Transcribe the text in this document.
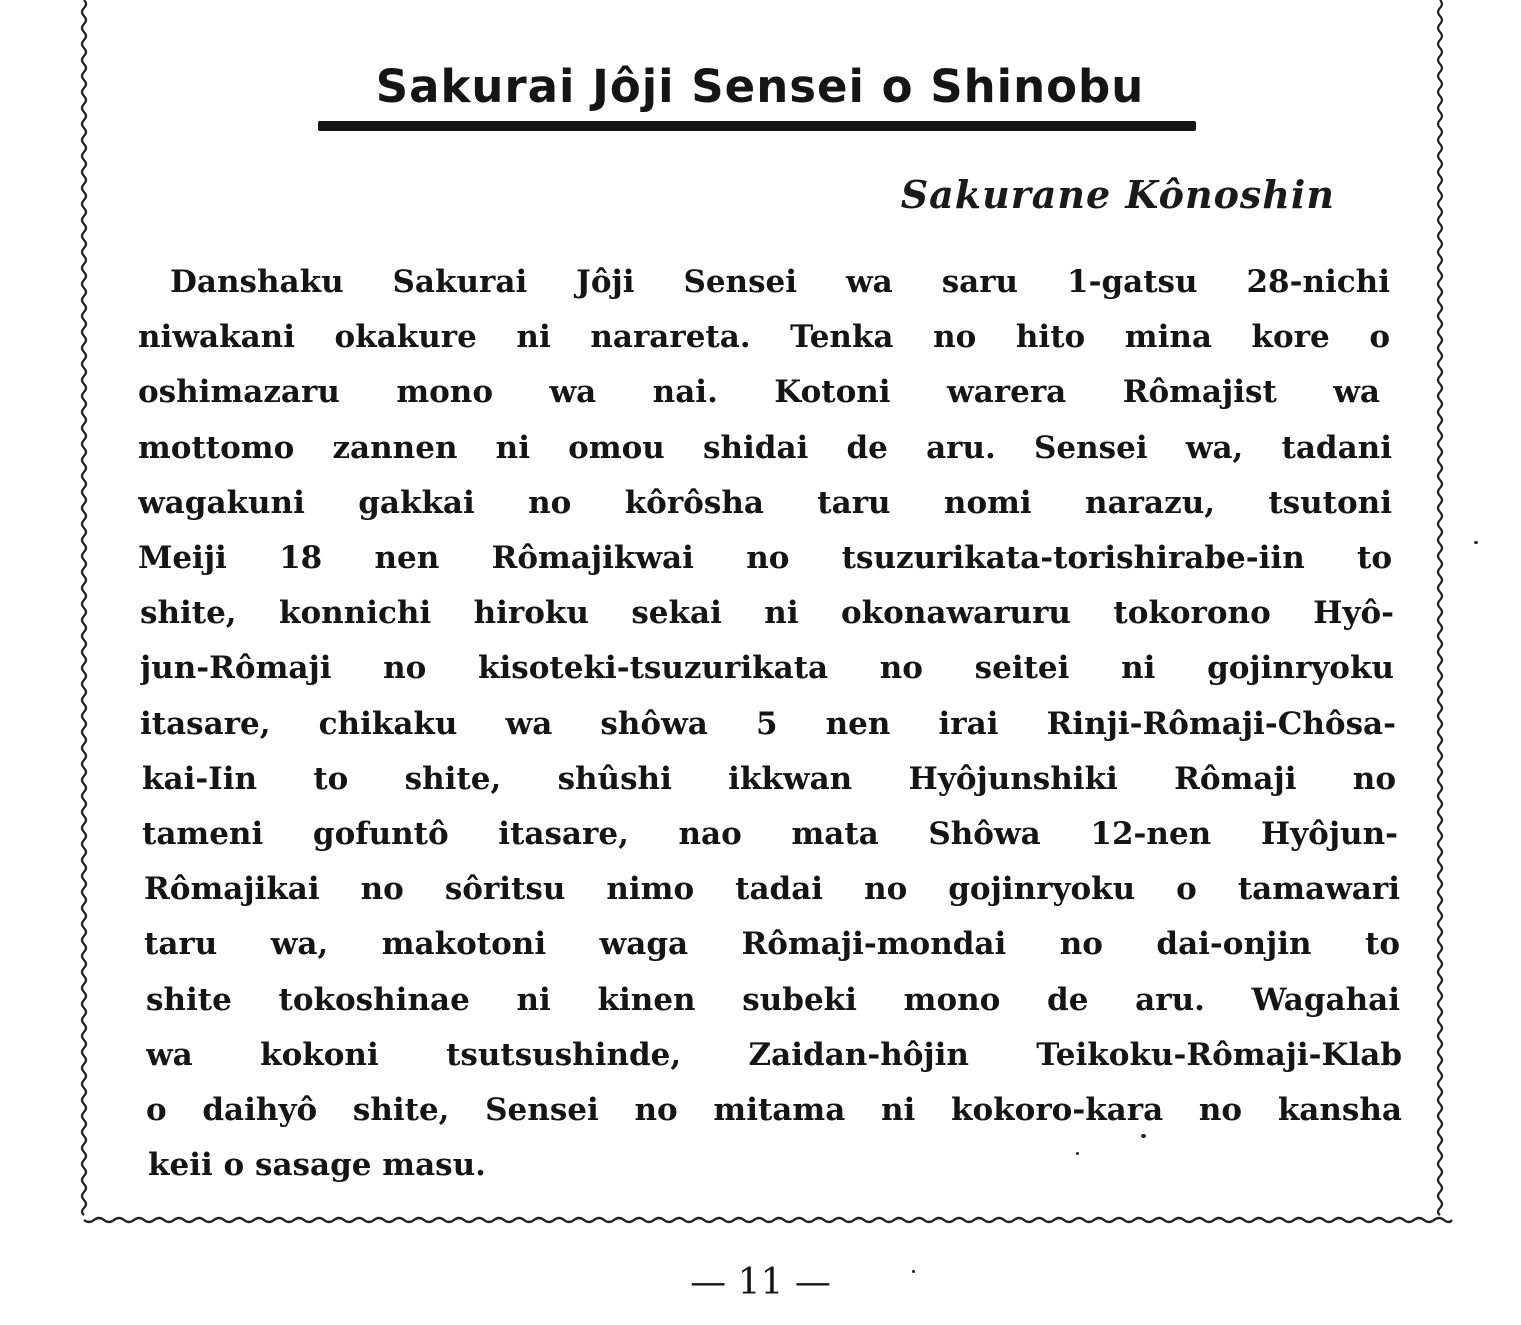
Sakurai Jôji Sensei o Shinobu

Sakurane Kônoshin

Danshaku Sakurai Jôji Sensei wa saru 1-gatsu 28-nichi
niwakani okakure ni narareta. Tenka no hito mina kore o
oshimazaru mono wa nai. Kotoni warera Rômajist wa
mottomo zannen ni omou shidai de aru. Sensei wa, tadani
wagakuni gakkai no kôrôsha taru nomi narazu, tsutoni
Meiji 18 nen Rômajikwai no tsuzurikata-torishirabe-iin to
shite, konnichi hiroku sekai ni okonawaruru tokorono Hyô-
jun-Rômaji no kisoteki-tsuzurikata no seitei ni gojinryoku
itasare, chikaku wa shôwa 5 nen irai Rinji-Rômaji-Chôsa-
kai-Iin to shite, shûshi ikkwan Hyôjunshiki Rômaji no
tameni gofuntô itasare, nao mata Shôwa 12-nen Hyôjun-
Rômajikai no sôritsu nimo tadai no gojinryoku o tamawari
taru wa, makotoni waga Rômaji-mondai no dai-onjin to
shite tokoshinae ni kinen subeki mono de aru. Wagahai
wa kokoni tsutsushinde, Zaidan-hôjin Teikoku-Rômaji-Klab
o daihyô shite, Sensei no mitama ni kokoro-kara no kansha
keii o sasage masu.

— 11 —
